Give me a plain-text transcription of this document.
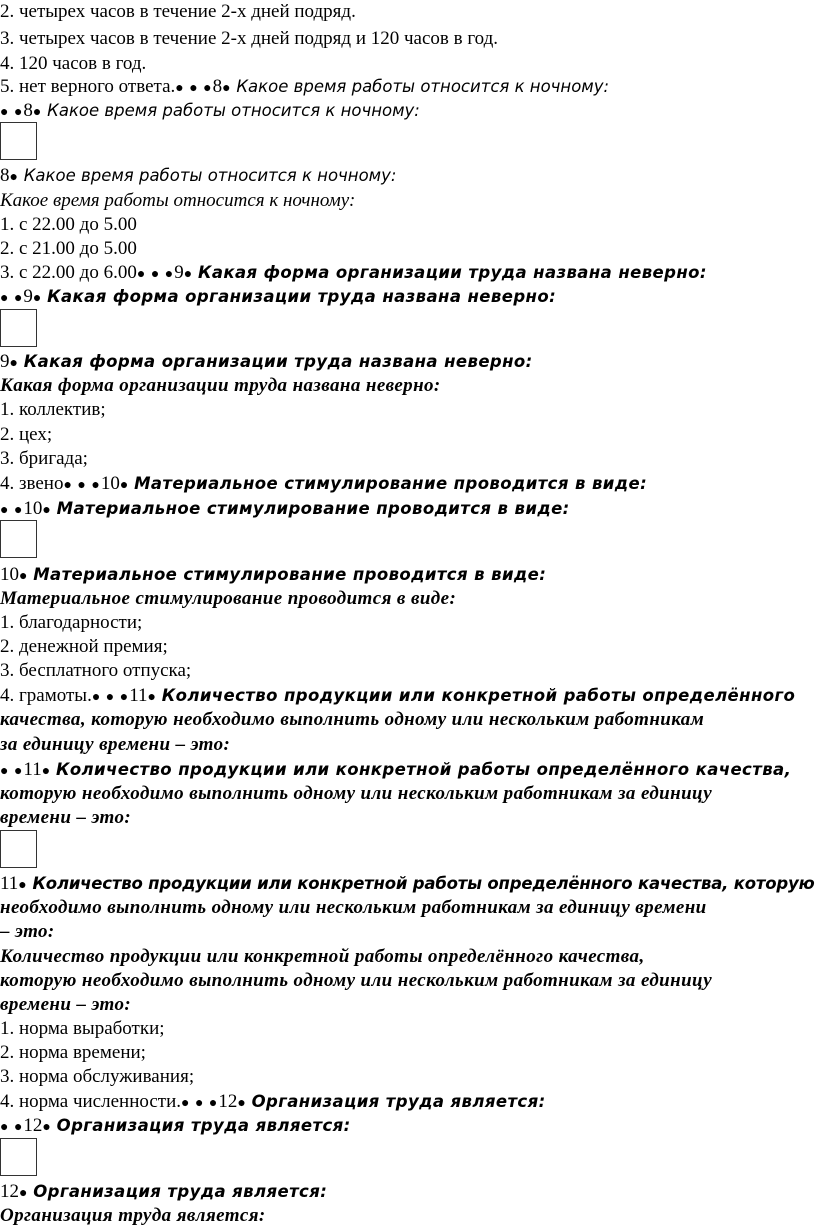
2. четырех часов в течение 2-х дней подряд.
3. четырех часов в течение 2-х дней подряд и 120 часов в год.
4. 120 часов в год.
5. нет верного ответа.● ● ●8● Какое время работы относится к ночному:
● ●8● Какое время работы относится к ночному:
8● Какое время работы относится к ночному:
Какое время работы относится к ночному:
1. с 22.00 до 5.00
2. с 21.00 до 5.00
3. с 22.00 до 6.00● ● ●9● Какая форма организации труда названа неверно:
● ●9● Какая форма организации труда названа неверно:
9● Какая форма организации труда названа неверно:
Какая форма организации труда названа неверно:
1. коллектив;
2. цех;
3. бригада;
4. звено● ● ●10● Материальное стимулирование проводится в виде:
● ●10● Материальное стимулирование проводится в виде:
10● Материальное стимулирование проводится в виде:
Материальное стимулирование проводится в виде:
1. благодарности;
2. денежной премия;
3. бесплатного отпуска;
4. грамоты.● ● ●11● Количество продукции или конкретной работы определённого
качества, которую необходимо выполнить одному или нескольким работникам
за единицу времени – это:
● ●11● Количество продукции или конкретной работы определённого качества,
которую необходимо выполнить одному или нескольким работникам за единицу
времени – это:
11● Количество продукции или конкретной работы определённого качества, которую
необходимо выполнить одному или нескольким работникам за единицу времени
– это:
Количество продукции или конкретной работы определённого качества,
которую необходимо выполнить одному или нескольким работникам за единицу
времени – это:
1. норма выработки;
2. норма времени;
3. норма обслуживания;
4. норма численности.● ● ●12● Организация труда является:
● ●12● Организация труда является:
12● Организация труда является:
Организация труда является:
